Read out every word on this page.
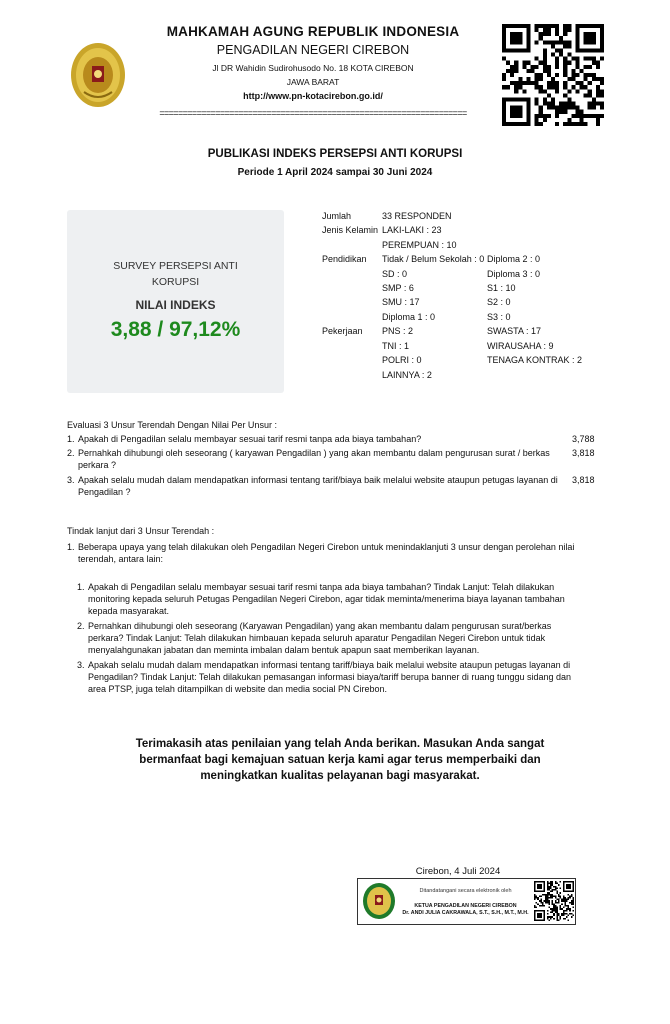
MAHKAMAH AGUNG REPUBLIK INDONESIA
PENGADILAN NEGERI CIREBON
Jl DR Wahidin Sudirohusodo No. 18 KOTA CIREBON
JAWA BARAT
http://www.pn-kotacirebon.go.id/
==================================================================
PUBLIKASI INDEKS PERSEPSI ANTI KORUPSI
Periode 1 April 2024 sampai 30 Juni 2024
SURVEY PERSEPSI ANTI
KORUPSI
NILAI INDEKS
3,88 / 97,12%
Jumlah	33 RESPONDEN
Jenis Kelamin LAKI-LAKI : 23
PEREMPUAN : 10
Pendidikan Tidak / Belum Sekolah : 0
SD : 0
SMP : 6
SMU : 17
Diploma 1 : 0
Diploma 2 : 0
Diploma 3 : 0
S1 : 10
S2 : 0
S3 : 0
Pekerjaan PNS : 2
TNI : 1
POLRI : 0
LAINNYA : 2
SWASTA : 17
WIRAUSAHA : 9
TENAGA KONTRAK : 2
Evaluasi 3 Unsur Terendah Dengan Nilai Per Unsur :
1. Apakah di Pengadilan selalu membayar sesuai tarif resmi tanpa ada biaya tambahan?	3,788
2. Pernahkah dihubungi oleh seseorang ( karyawan Pengadilan ) yang akan membantu dalam pengurusan surat / berkas perkara ?
3,818
3. Apakah selalu mudah dalam mendapatkan informasi tentang tarif/biaya baik melalui website ataupun petugas layanan di Pengadilan ?
3,818
Tindak lanjut dari 3 Unsur Terendah :
1. Beberapa upaya yang telah dilakukan oleh Pengadilan Negeri Cirebon untuk menindaklanjuti 3 unsur dengan perolehan nilai terendah, antara lain:
1. Apakah di Pengadilan selalu membayar sesuai tarif resmi tanpa ada biaya tambahan? Tindak Lanjut: Telah dilakukan monitoring kepada seluruh Petugas Pengadilan Negeri Cirebon, agar tidak meminta/menerima biaya layanan tambahan kepada masyarakat.
2. Pernahkan dihubungi oleh seseorang (Karyawan Pengadilan) yang akan membantu dalam pengurusan surat/berkas perkara? Tindak Lanjut: Telah dilakukan himbauan kepada seluruh aparatur Pengadilan Negeri Cirebon untuk tidak menyalahgunakan jabatan dan meminta imbalan dalam bentuk apapun saat memberikan layanan.
3. Apakah selalu mudah dalam mendapatkan informasi tentang tariff/biaya baik melalui website ataupun petugas layanan di Pengadilan? Tindak Lanjut: Telah dilakukan pemasangan informasi biaya/tariff berupa banner di ruang tunggu sidang dan area PTSP, juga telah ditampilkan di website dan media social PN Cirebon.
Terimakasih atas penilaian yang telah Anda berikan. Masukan Anda sangat
bermanfaat bagi kemajuan satuan kerja kami agar terus memperbaiki dan
meningkatkan kualitas pelayanan bagi masyarakat.
Cirebon, 4 Juli 2024
Ditandatangani secara elektronik oleh
KETUA PENGADILAN NEGERI CIREBON
Dr. ANDI JULIA CAKRAWALA, S.T., S.H., M.T., M.H.
